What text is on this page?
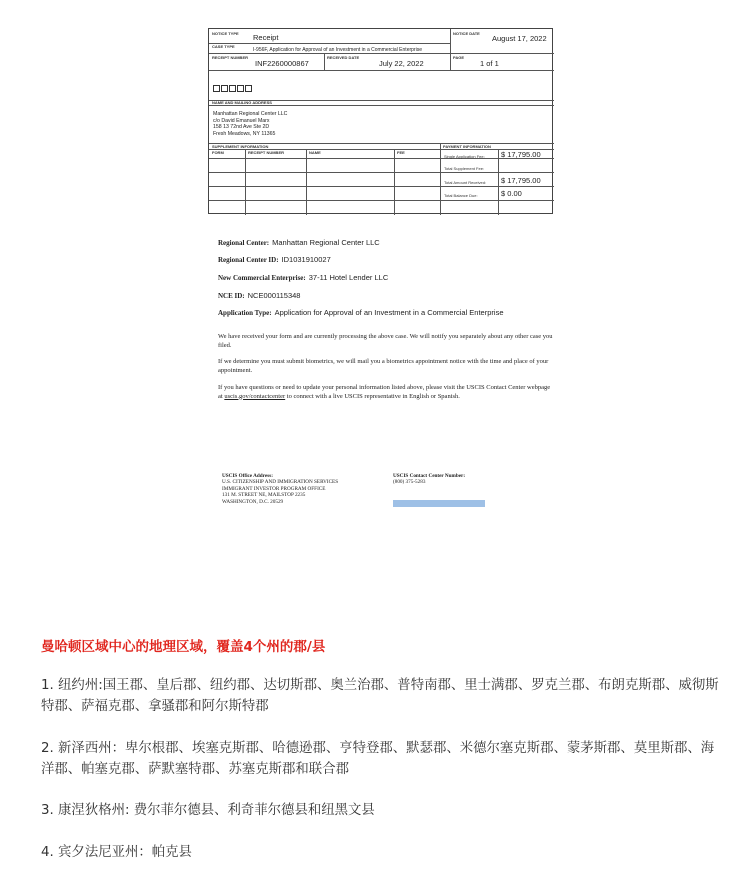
NOTICE TYPE Receipt	NOTICE DATE
August 17, 2022
CASE TYPE
I-956F, Application for Approval of an Investment in a Commercial Enterprise
RECEIPT NUMBER
INF2260000867
RECEIVED DATE
July 22, 2022
PAGE
1 of 1
NAME AND MAILING ADDRESS
Manhattan Regional Center LLC
c/o David Emanuel Marx
158 13 72nd Ave Ste 2D
Fresh Meadows, NY 11365
SUPPLEMENT INFORMATION	PAYMENT INFORMATION
FORM	RECEIPT NUMBER	NAME	FEE
Single Application Fee: $ 17,795.00
Total Supplement Fee:
Total Amount Received: $ 17,795.00
Total Balance Due:	$ 0.00
Regional Center: Manhattan Regional Center LLC
Regional Center ID: ID1031910027
New Commercial Enterprise: 37-11 Hotel Lender LLC
NCE ID: NCE000115348
Application Type: Application for Approval of an Investment in a Commercial Enterprise
We have received your form and are currently processing the above case. We will notify you separately about any other case you filed.
If we determine you must submit biometrics, we will mail you a biometrics appointment notice with the time and place of your appointment.
If you have questions or need to update your personal information listed above, please visit the USCIS Contact Center webpage at uscis.gov/contactcenter to connect with a live USCIS representative in English or Spanish.
USCIS Office Address:
U.S. CITIZENSHIP AND IMMIGRATION SERVICES
IMMIGRANT INVESTOR PROGRAM OFFICE
131 M. STREET NE, MAILSTOP 2235
WASHINGTON, D.C. 20529
USCIS Contact Center Number:
(800) 375-5283
曼哈顿区域中心的地理区域，覆盖4个州的郡/县
1. 纽约州:国王郡、皇后郡、纽约郡、达切斯郡、奥兰治郡、普特南郡、里士满郡、罗克兰郡、布朗克斯郡、威彻斯特郡、萨福克郡、拿骚郡和阿尔斯特郡
2. 新泽西州：卑尔根郡、埃塞克斯郡、哈德逊郡、亨特登郡、默瑟郡、米德尔塞克斯郡、蒙茅斯郡、莫里斯郡、海洋郡、帕塞克郡、萨默塞特郡、苏塞克斯郡和联合郡
3. 康涅狄格州: 费尔菲尔德县、利奇菲尔德县和纽黑文县
4. 宾夕法尼亚州：帕克县
